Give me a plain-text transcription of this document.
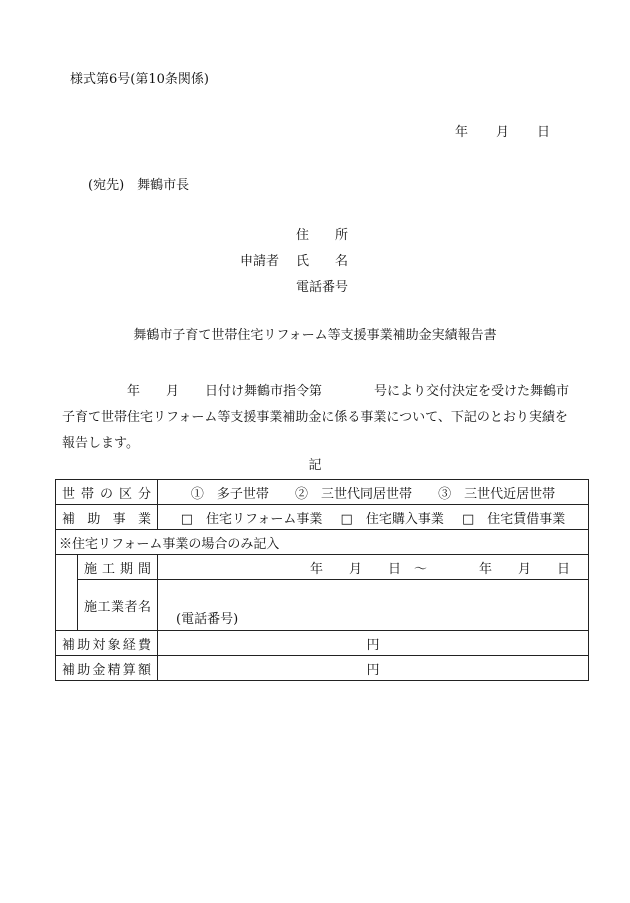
様式第6号(第10条関係)
年 月 日
(宛先)　舞鶴市長
住　　所
申請者 氏　　名
電話番号
舞鶴市子育て世帯住宅リフォーム等支援事業補助金実績報告書
　　　　　年　　月　　日付け舞鶴市指令第　　　　号により交付決定を受けた舞鶴市子育て世帯住宅リフォーム等支援事業補助金に係る事業について、下記のとおり実績を報告します。
記
世帯の区分		①　多子世帯 ②　三世代同居世帯 ③　三世代近居世帯
補助事業		□　住宅リフォーム事業 □　住宅購入事業 □　住宅賃借事業
※住宅リフォーム事業の場合のみ記入		
	施工期間	年　　月　　日　～　　　　年　　月　　日
	施工業者名	(電話番号)
補助対象経費		円
補助金精算額		円
